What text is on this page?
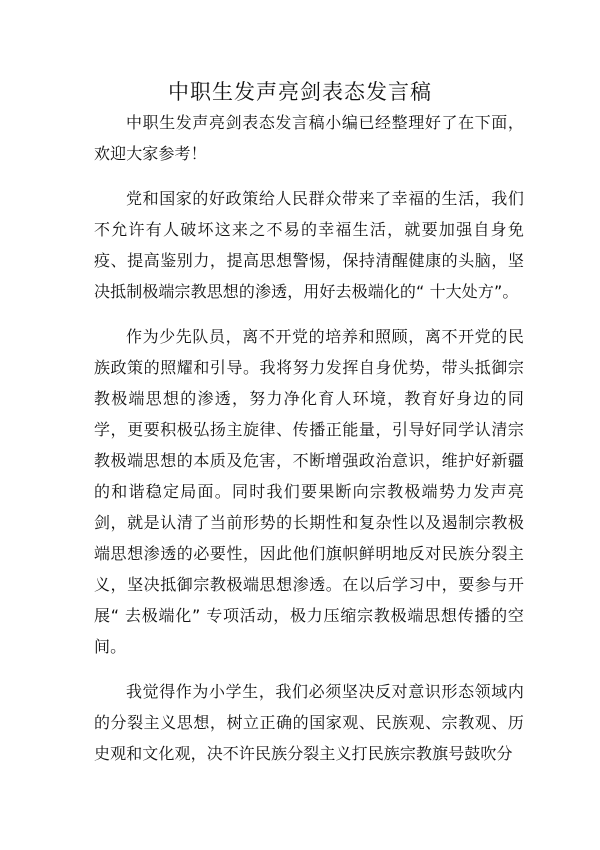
中职生发声亮剑表态发言稿

中职生发声亮剑表态发言稿小编已经整理好了在下面，欢迎大家参考！

党和国家的好政策给人民群众带来了幸福的生活，我们不允许有人破坏这来之不易的幸福生活，就要加强自身免疫、提高鉴别力，提高思想警惕，保持清醒健康的头脑，坚决抵制极端宗教思想的渗透，用好去极端化的“ 十大处方”。

作为少先队员，离不开党的培养和照顾，离不开党的民族政策的照耀和引导。我将努力发挥自身优势，带头抵御宗教极端思想的渗透，努力净化育人环境，教育好身边的同学，更要积极弘扬主旋律、传播正能量，引导好同学认清宗教极端思想的本质及危害，不断增强政治意识，维护好新疆的和谐稳定局面。同时我们要果断向宗教极端势力发声亮剑，就是认清了当前形势的长期性和复杂性以及遏制宗教极端思想渗透的必要性，因此他们旗帜鲜明地反对民族分裂主义，坚决抵御宗教极端思想渗透。在以后学习中，要参与开展“ 去极端化” 专项活动，极力压缩宗教极端思想传播的空间。

我觉得作为小学生，我们必须坚决反对意识形态领域内的分裂主义思想，树立正确的国家观、民族观、宗教观、历史观和文化观，决不许民族分裂主义打民族宗教旗号鼓吹分
